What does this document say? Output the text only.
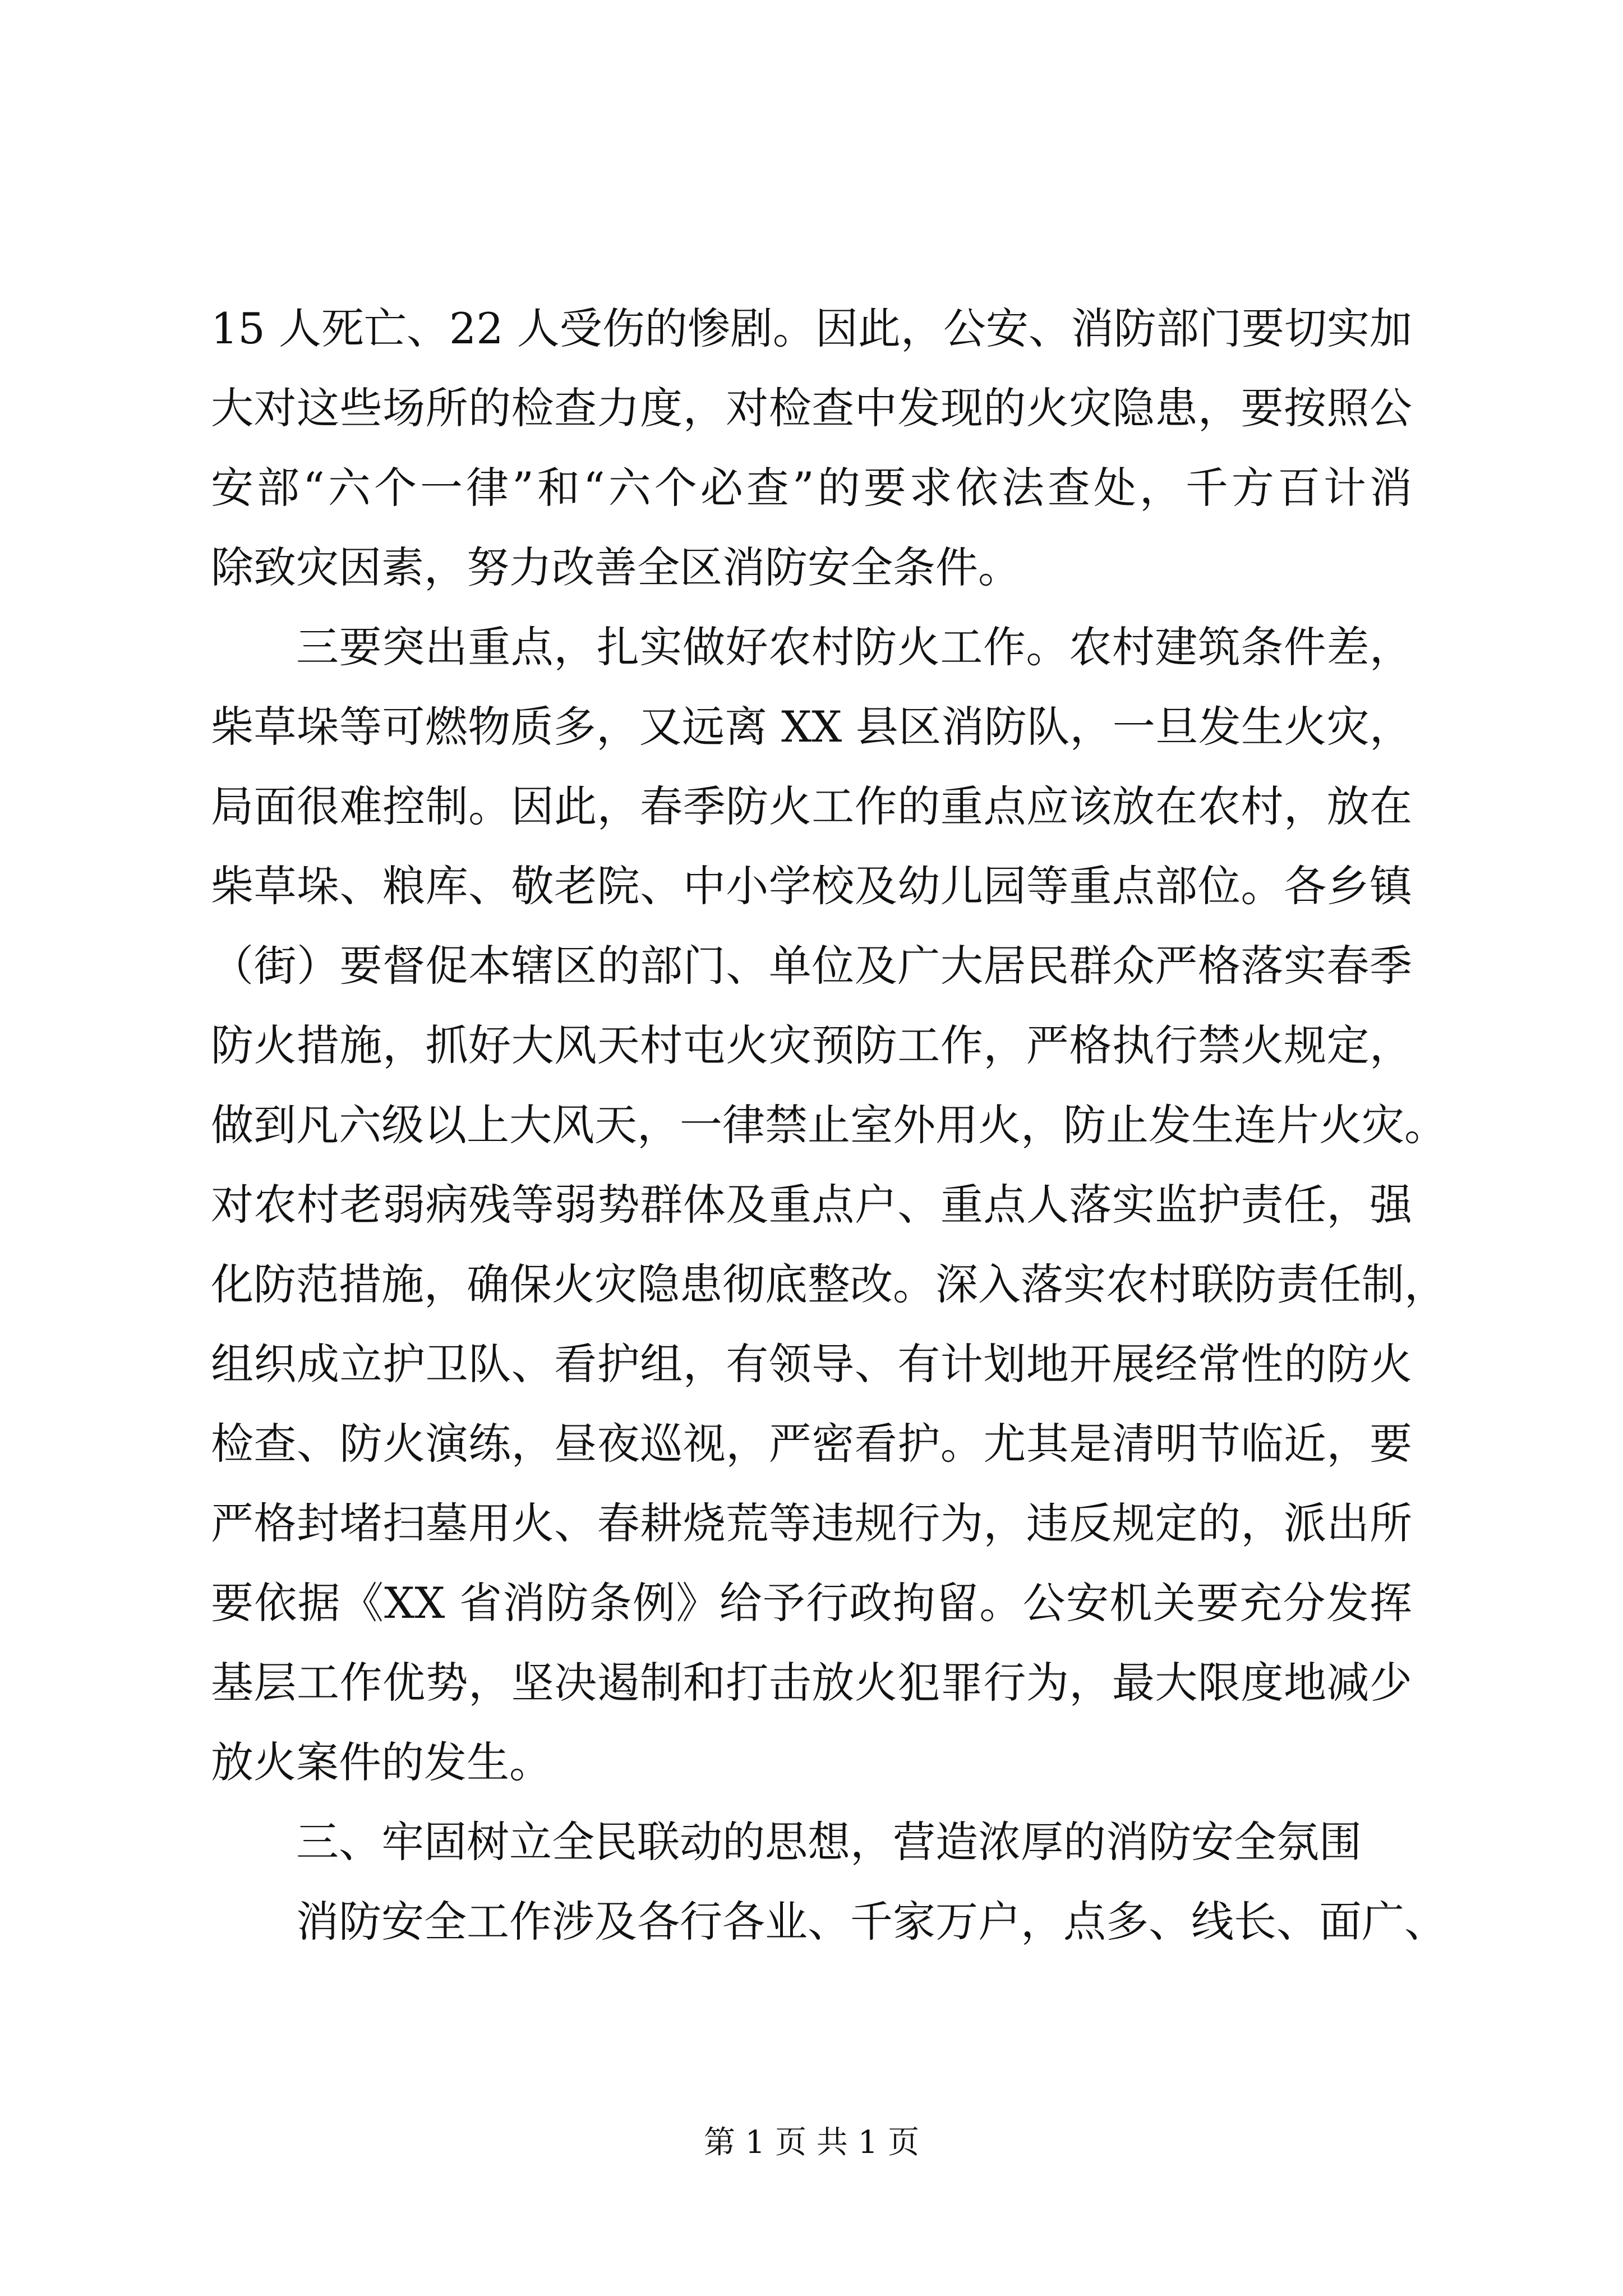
15 人死亡、22 人受伤的惨剧。因此，公安、消防部门要切实加
大对这些场所的检查力度，对检查中发现的火灾隐患，要按照公
安部“六个一律”和“六个必查”的要求依法查处，千方百计消
除致灾因素，努力改善全区消防安全条件。
三要突出重点，扎实做好农村防火工作。农村建筑条件差，
柴草垛等可燃物质多，又远离 XX 县区消防队，一旦发生火灾，
局面很难控制。因此，春季防火工作的重点应该放在农村，放在
柴草垛、粮库、敬老院、中小学校及幼儿园等重点部位。各乡镇
（街）要督促本辖区的部门、单位及广大居民群众严格落实春季
防火措施，抓好大风天村屯火灾预防工作，严格执行禁火规定，
做到凡六级以上大风天，一律禁止室外用火，防止发生连片火灾。
对农村老弱病残等弱势群体及重点户、重点人落实监护责任，强
化防范措施，确保火灾隐患彻底整改。深入落实农村联防责任制，
组织成立护卫队、看护组，有领导、有计划地开展经常性的防火
检查、防火演练，昼夜巡视，严密看护。尤其是清明节临近，要
严格封堵扫墓用火、春耕烧荒等违规行为，违反规定的，派出所
要依据《XX 省消防条例》给予行政拘留。公安机关要充分发挥
基层工作优势，坚决遏制和打击放火犯罪行为，最大限度地减少
放火案件的发生。
三、牢固树立全民联动的思想，营造浓厚的消防安全氛围
消防安全工作涉及各行各业、千家万户，点多、线长、面广、
第 1 页 共 1 页
